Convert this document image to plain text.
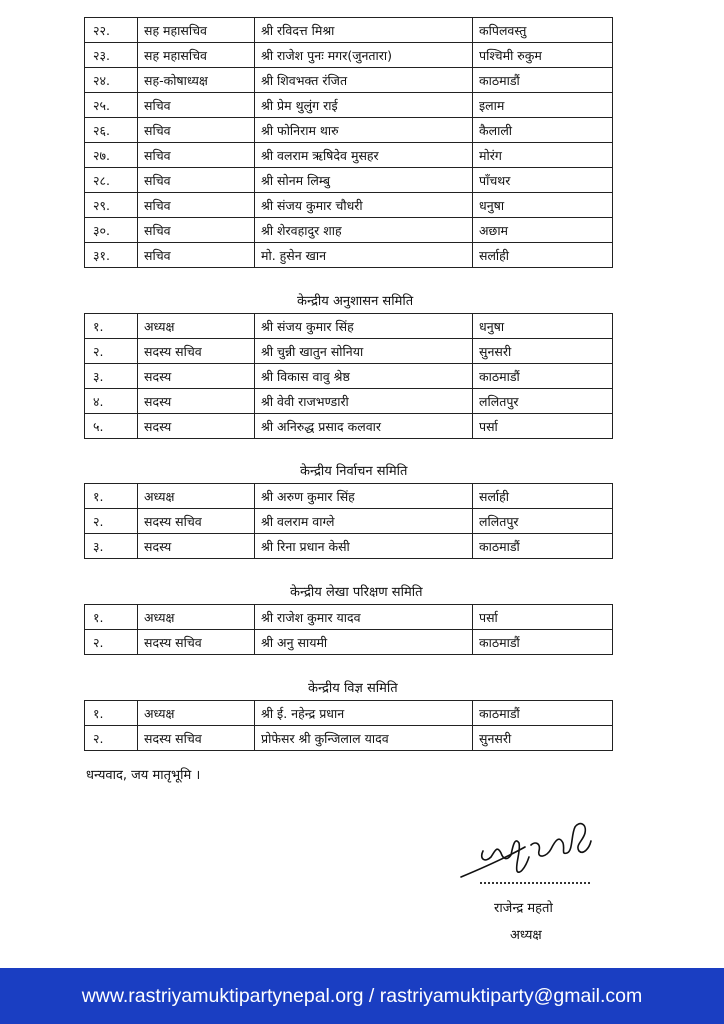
२२.	सह महासचिव	श्री रविदत्त मिश्रा	कपिलवस्तु
२३.	सह महासचिव	श्री राजेश पुनः मगर(जुनतारा)	पश्चिमी रुकुम
२४.	सह-कोषाध्यक्ष	श्री शिवभक्त रंजित	काठमाडौं
२५.	सचिव	श्री प्रेम थुलुंग राई	इलाम
२६.	सचिव	श्री फोनिराम थारु	कैलाली
२७.	सचिव	श्री वलराम ऋषिदेव मुसहर	मोरंग
२८.	सचिव	श्री सोनम लिम्बु	पाँचथर
२९.	सचिव	श्री संजय कुमार चौधरी	धनुषा
३०.	सचिव	श्री शेरवहादुर शाह	अछाम
३१.	सचिव	मो. हुसेन खान	सर्लाही
केन्द्रीय अनुशासन समिति
१.	अध्यक्ष	श्री संजय कुमार सिंह	धनुषा
२.	सदस्य सचिव	श्री चुन्नी खातुन सोनिया	सुनसरी
३.	सदस्य	श्री विकास वावु श्रेष्ठ	काठमाडौं
४.	सदस्य	श्री वेवी राजभण्डारी	ललितपुर
५.	सदस्य	श्री अनिरुद्ध प्रसाद कलवार	पर्सा
केन्द्रीय निर्वाचन समिति
१.	अध्यक्ष	श्री अरुण कुमार सिंह	सर्लाही
२.	सदस्य सचिव	श्री वलराम वाग्ले	ललितपुर
३.	सदस्य	श्री रिना प्रधान केसी	काठमाडौं
केन्द्रीय लेखा परिक्षण समिति
१.	अध्यक्ष	श्री राजेश कुमार यादव	पर्सा
२.	सदस्य सचिव	श्री अनु सायमी	काठमाडौं
केन्द्रीय विज्ञ समिति
१.	अध्यक्ष	श्री ई. नहेन्द्र प्रधान	काठमाडौं
२.	सदस्य सचिव	प्रोफेसर श्री कुन्जिलाल यादव	सुनसरी
धन्यवाद, जय मातृभूमि ।
राजेन्द्र महतो
अध्यक्ष
www.rastriyamuktipartynepal.org / rastriyamuktiparty@gmail.com
